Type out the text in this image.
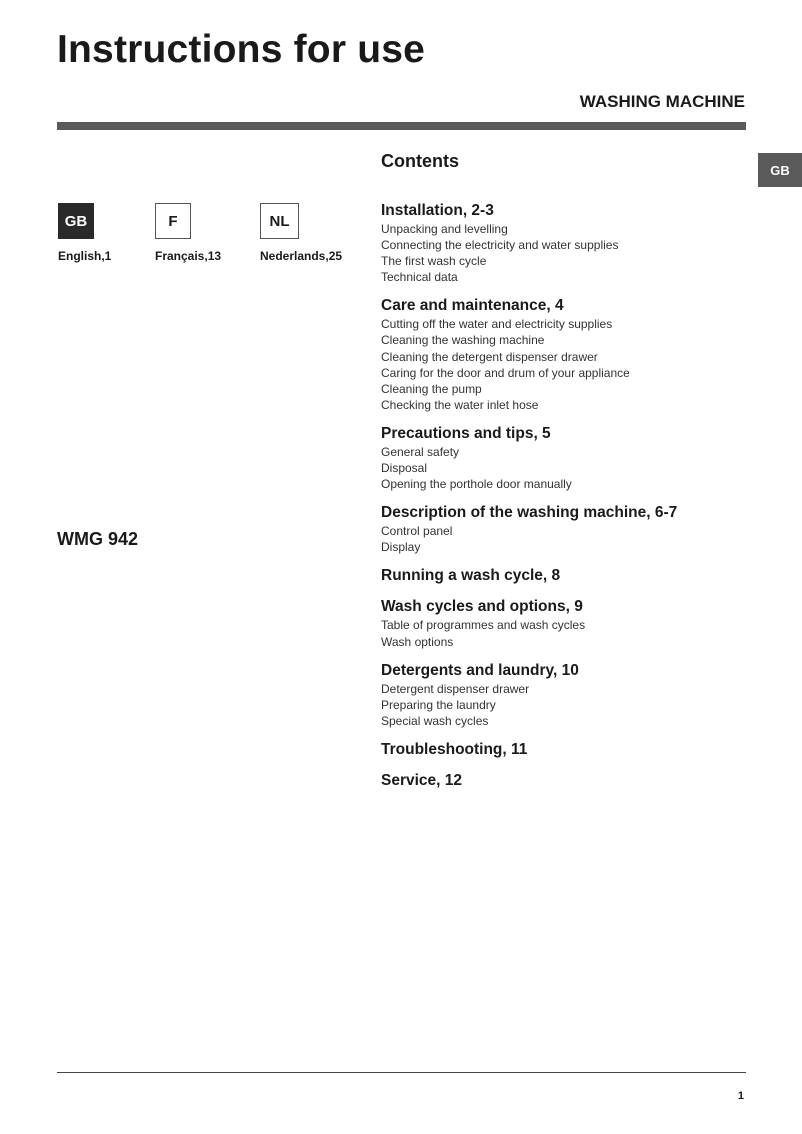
Instructions for use
WASHING MACHINE
GB
GB
English,1
F
Français,13
NL
Nederlands,25
WMG 942
Contents
Installation, 2-3
Unpacking and levelling
Connecting the electricity and water supplies
The first wash cycle
Technical data
Care and maintenance, 4
Cutting off the water and electricity supplies
Cleaning the washing machine
Cleaning the detergent dispenser drawer
Caring for the door and drum of your appliance
Cleaning the pump
Checking the water inlet hose
Precautions and tips, 5
General safety
Disposal
Opening the porthole door manually
Description of the washing machine, 6-7
Control panel
Display
Running a wash cycle, 8
Wash cycles and options, 9
Table of programmes and wash cycles
Wash options
Detergents and laundry, 10
Detergent dispenser drawer
Preparing the laundry
Special wash cycles
Troubleshooting, 11
Service, 12
1
